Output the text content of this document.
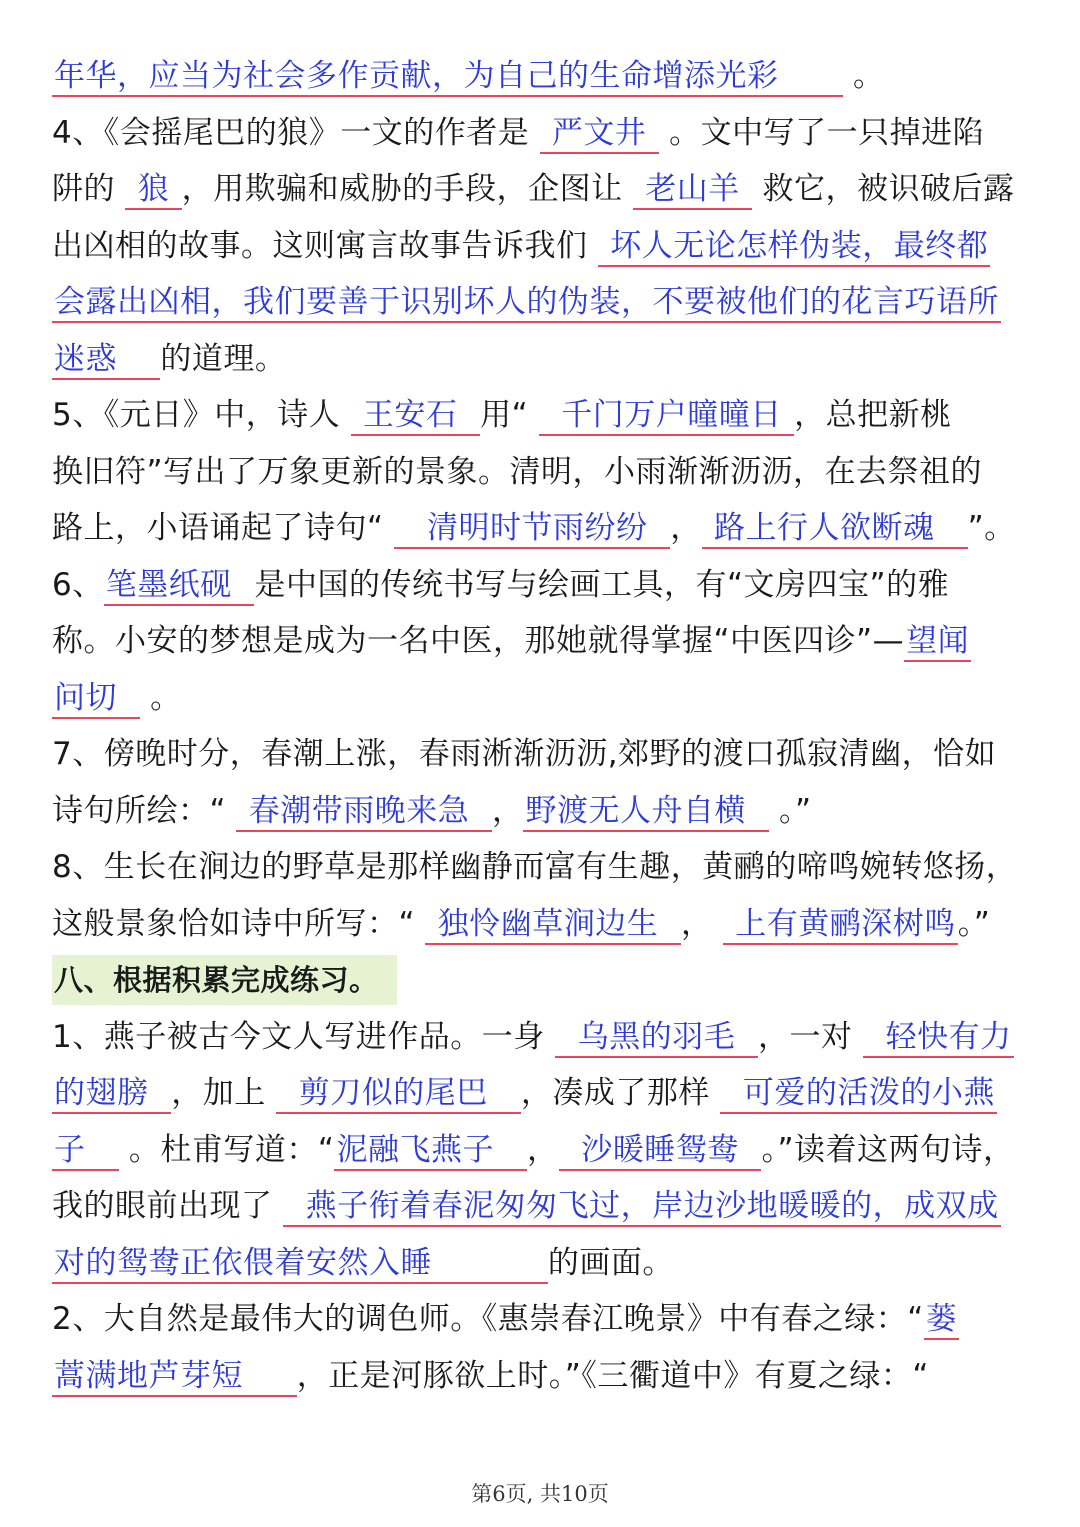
年华，应当为社会多作贡献，为自己的生命增添光彩       。
4、《会摇尾巴的狼》一文的作者是  严文井  。文中写了一只掉进陷
阱的  狼 ，用欺骗和威胁的手段，企图让  老山羊  救它，被识破后露
出凶相的故事。这则寓言故事告诉我们  坏人无论怎样伪装，最终都
会露出凶相，我们要善于识别坏人的伪装，不要被他们的花言巧语所
迷惑    的道理。
5、《元日》中，诗人  王安石  用“   千门万户曈曈日 ，总把新桃
换旧符”写出了万象更新的景象。清明，小雨渐渐沥沥，在去祭祖的
路上，小语诵起了诗句“    清明时节雨纷纷  ， 路上行人欲断魂   ”。
6、笔墨纸砚  是中国的传统书写与绘画工具，有“文房四宝”的雅
称。小安的梦想是成为一名中医，那她就得掌握“中医四诊”—望闻
问切   。
7、傍晚时分，春潮上涨，春雨淅渐沥沥,郊野的渡口孤寂清幽，恰如
诗句所绘：“  春潮带雨晚来急  ，野渡无人舟自横   。”
8、生长在涧边的野草是那样幽静而富有生趣，黄鹂的啼鸣婉转悠扬，
这般景象恰如诗中所写：“  独怜幽草涧边生  ，  上有黄鹂深树鸣。”
八、根据积累完成练习。
1、燕子被古今文人写进作品。一身   乌黑的羽毛  ，一对   轻快有力
的翅膀  ，加上   剪刀似的尾巴   ，凑成了那样   可爱的活泼的小燕
子    。杜甫写道：“泥融飞燕子   ，  沙暖睡鸳鸯  。”读着这两句诗，
我的眼前出现了   燕子衔着春泥匆匆飞过，岸边沙地暖暖的，成双成
对的鸳鸯正依偎着安然入睡           的画面。
2、大自然是最伟大的调色师。《惠崇春江晚景》中有春之绿：“蒌
蒿满地芦芽短     ，正是河豚欲上时。”《三衢道中》有夏之绿：“
第6页, 共10页
